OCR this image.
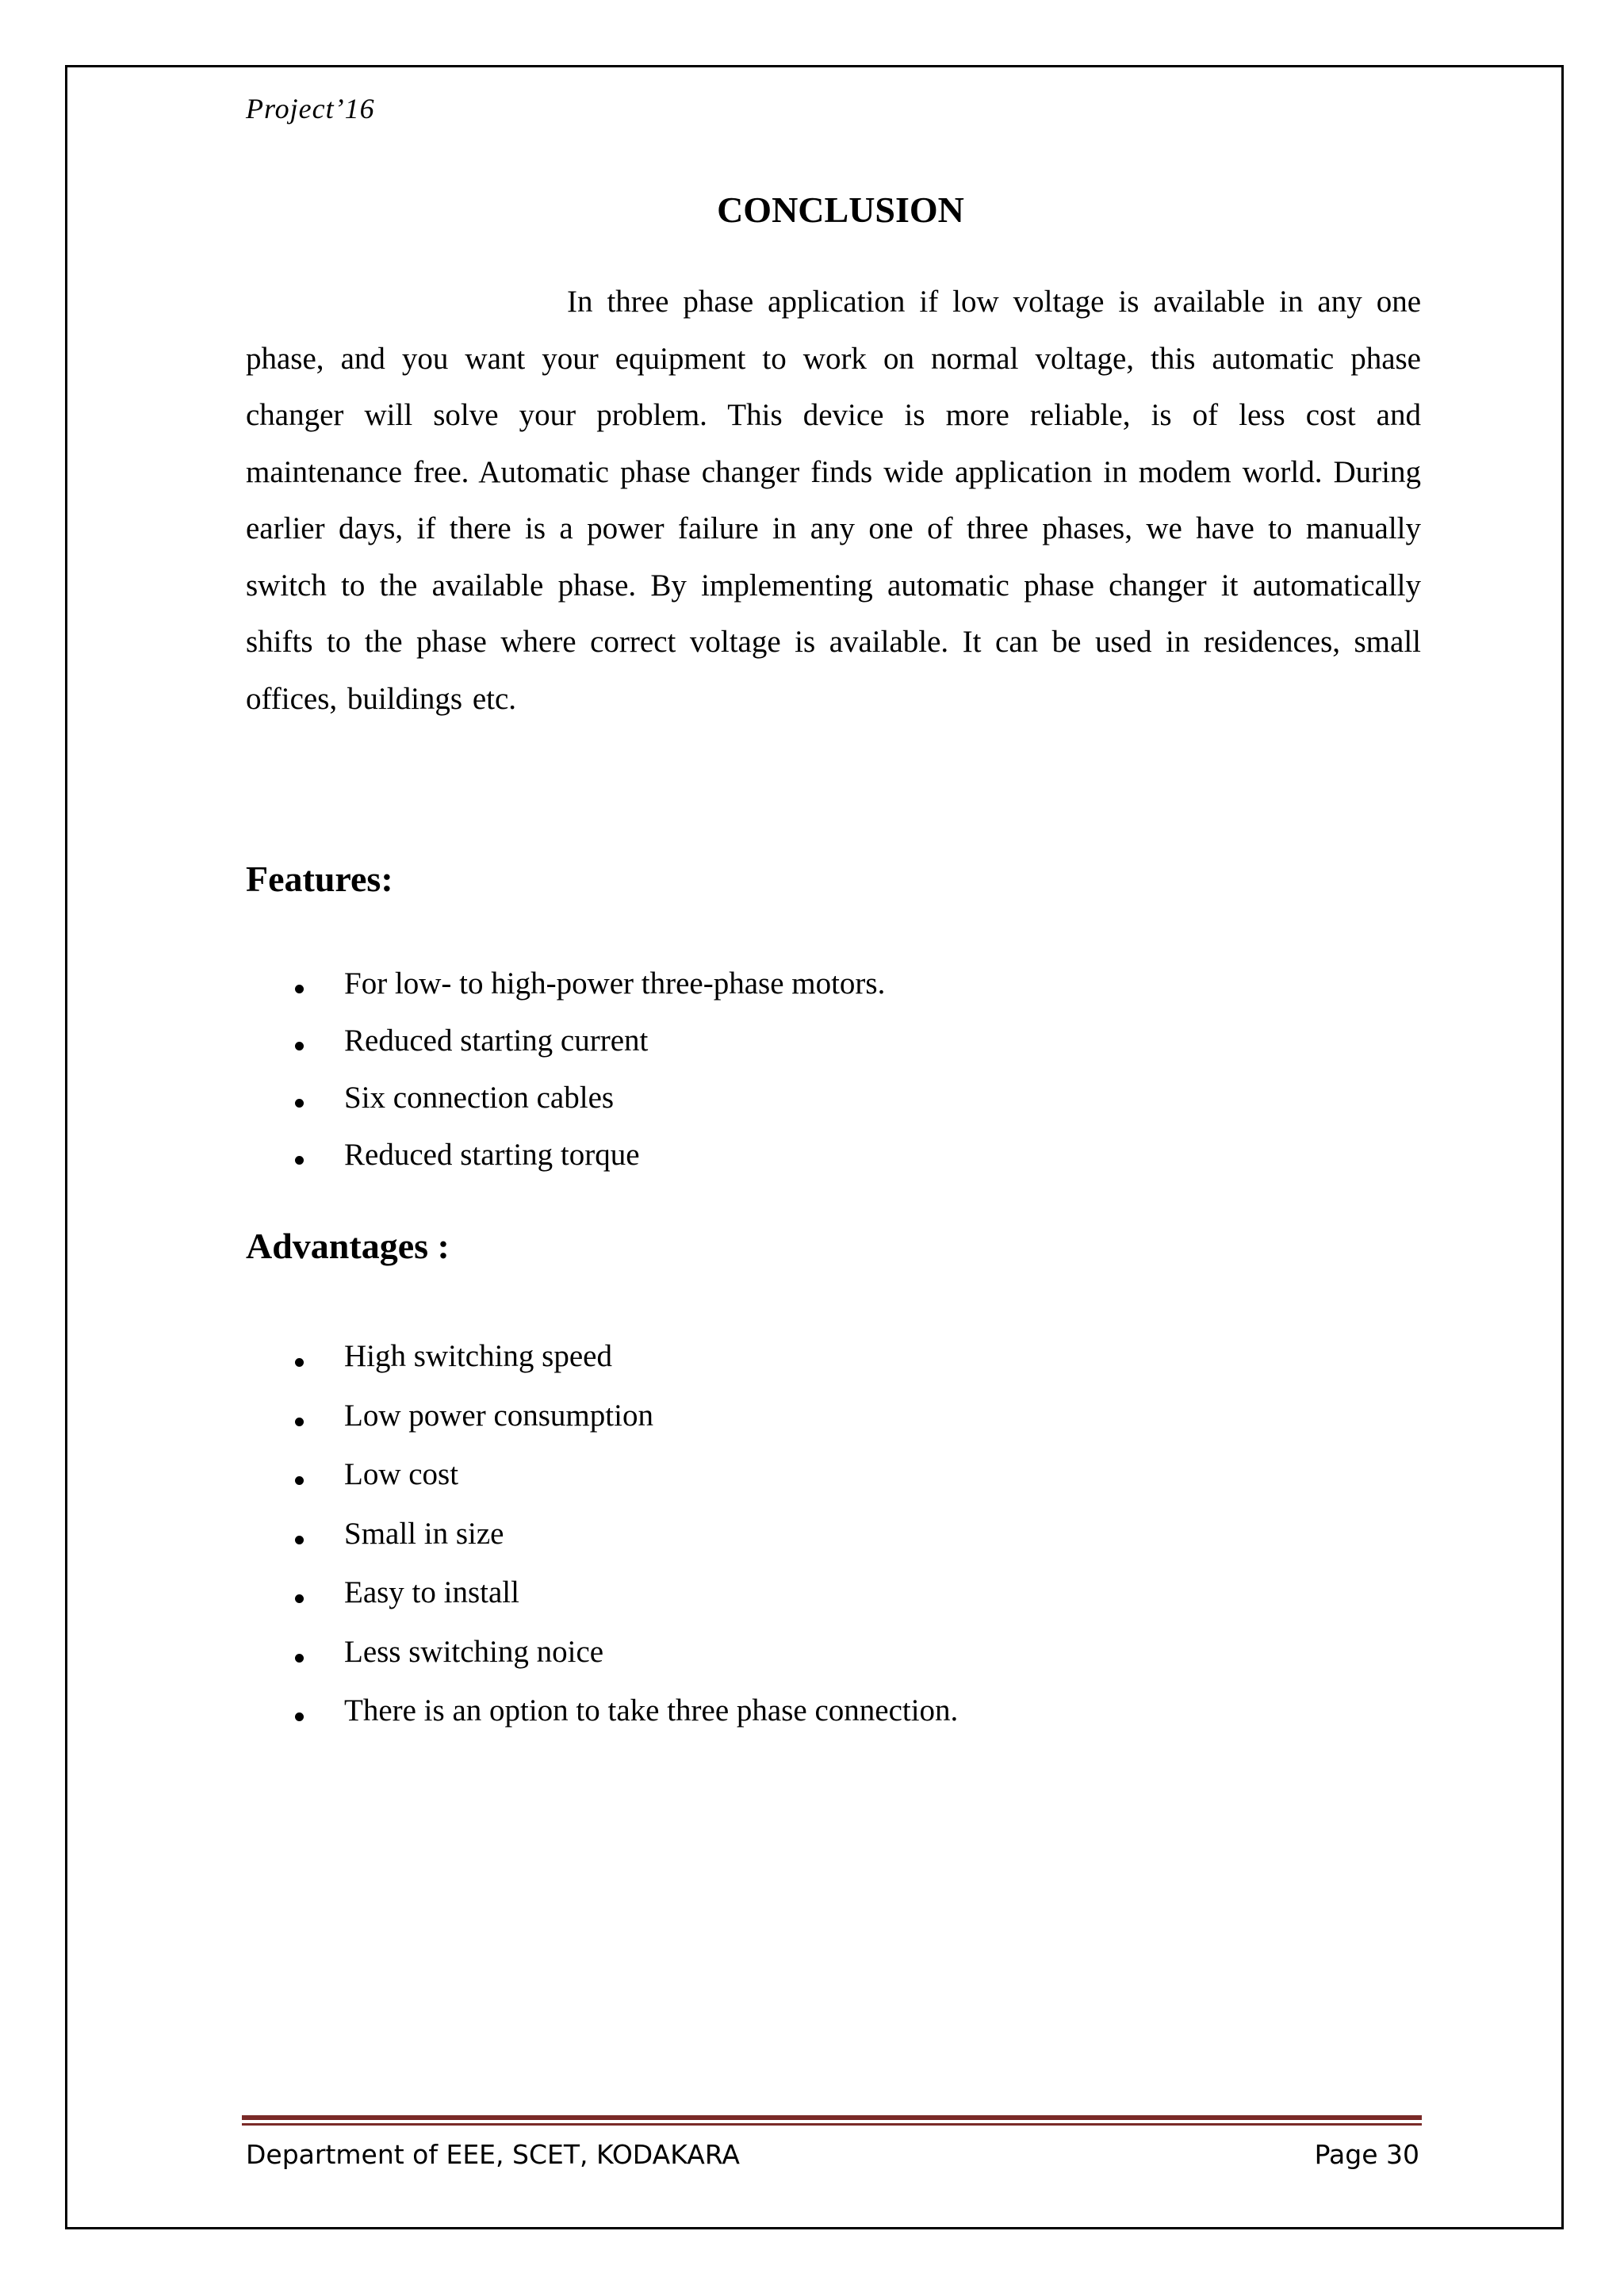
Project’16
CONCLUSION

In three phase application if low voltage is available in any one phase, and you want your equipment to work on normal voltage, this automatic phase changer will solve your problem. This device is more reliable, is of less cost and maintenance free. Automatic phase changer finds wide application in modem world. During earlier days, if there is a power failure in any one of three phases, we have to manually switch to the available phase. By implementing automatic phase changer it automatically shifts to the phase where correct voltage is available. It can be used in residences, small offices, buildings etc.

Features:
For low- to high-power three-phase motors.
Reduced starting current
Six connection cables
Reduced starting torque
Advantages :
High switching speed
Low power consumption
Low cost
Small in size
Easy to install
Less switching noice
There is an option to take three phase connection.
Department of EEE, SCET, KODAKARA	Page 30
